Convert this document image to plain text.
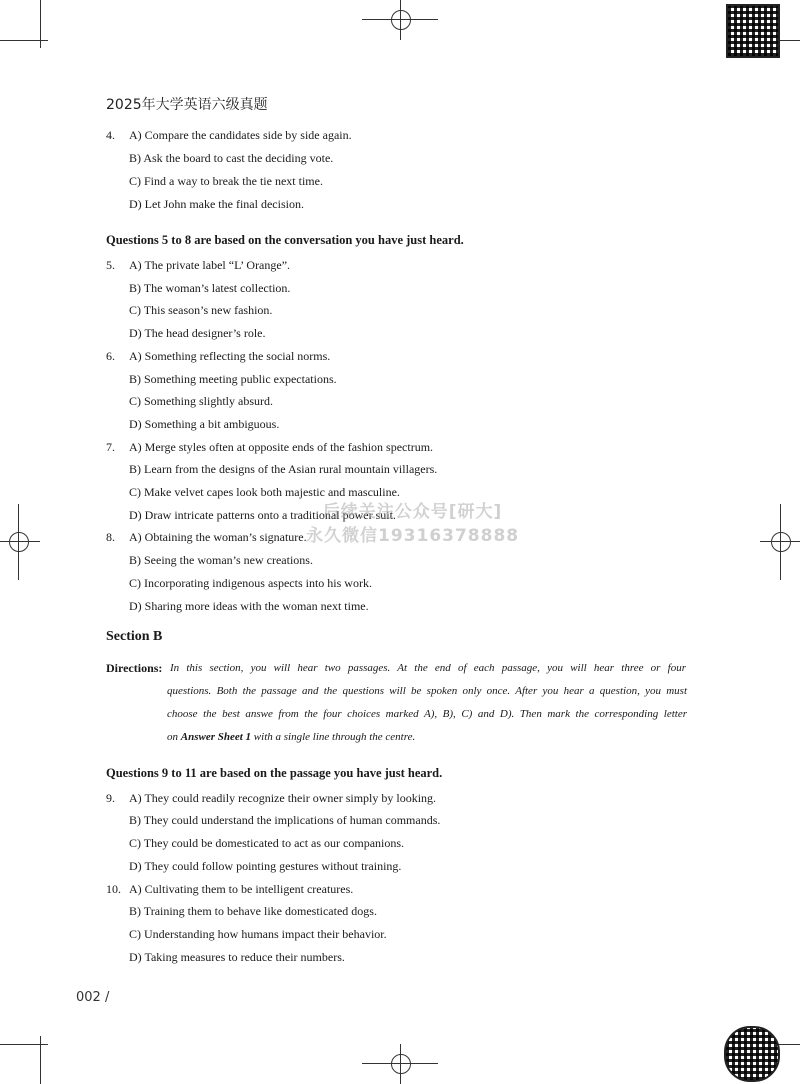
2025年大学英语六级真题
4. A) Compare the candidates side by side again.
B) Ask the board to cast the deciding vote.
C) Find a way to break the tie next time.
D) Let John make the final decision.
Questions 5 to 8 are based on the conversation you have just heard.
5. A) The private label “L’ Orange”.
B) The woman’s latest collection.
C) This season’s new fashion.
D) The head designer’s role.
6. A) Something reflecting the social norms.
B) Something meeting public expectations.
C) Something slightly absurd.
D) Something a bit ambiguous.
7. A) Merge styles often at opposite ends of the fashion spectrum.
B) Learn from the designs of the Asian rural mountain villagers.
C) Make velvet capes look both majestic and masculine.
D) Draw intricate patterns onto a traditional power suit.
8. A) Obtaining the woman’s signature.
B) Seeing the woman’s new creations.
C) Incorporating indigenous aspects into his work.
D) Sharing more ideas with the woman next time.
后续关注公众号[研大]
永久微信19316378888
Section B
Directions: In this section, you will hear two passages. At the end of each passage, you will hear three or four
questions. Both the passage and the questions will be spoken only once. After you hear a question, you must
choose the best answe from the four choices marked A), B), C) and D). Then mark the corresponding letter
on Answer Sheet 1 with a single line through the centre.
Questions 9 to 11 are based on the passage you have just heard.
9. A) They could readily recognize their owner simply by looking.
B) They could understand the implications of human commands.
C) They could be domesticated to act as our companions.
D) They could follow pointing gestures without training.
10. A) Cultivating them to be intelligent creatures.
B) Training them to behave like domesticated dogs.
C) Understanding how humans impact their behavior.
D) Taking measures to reduce their numbers.
002 /
